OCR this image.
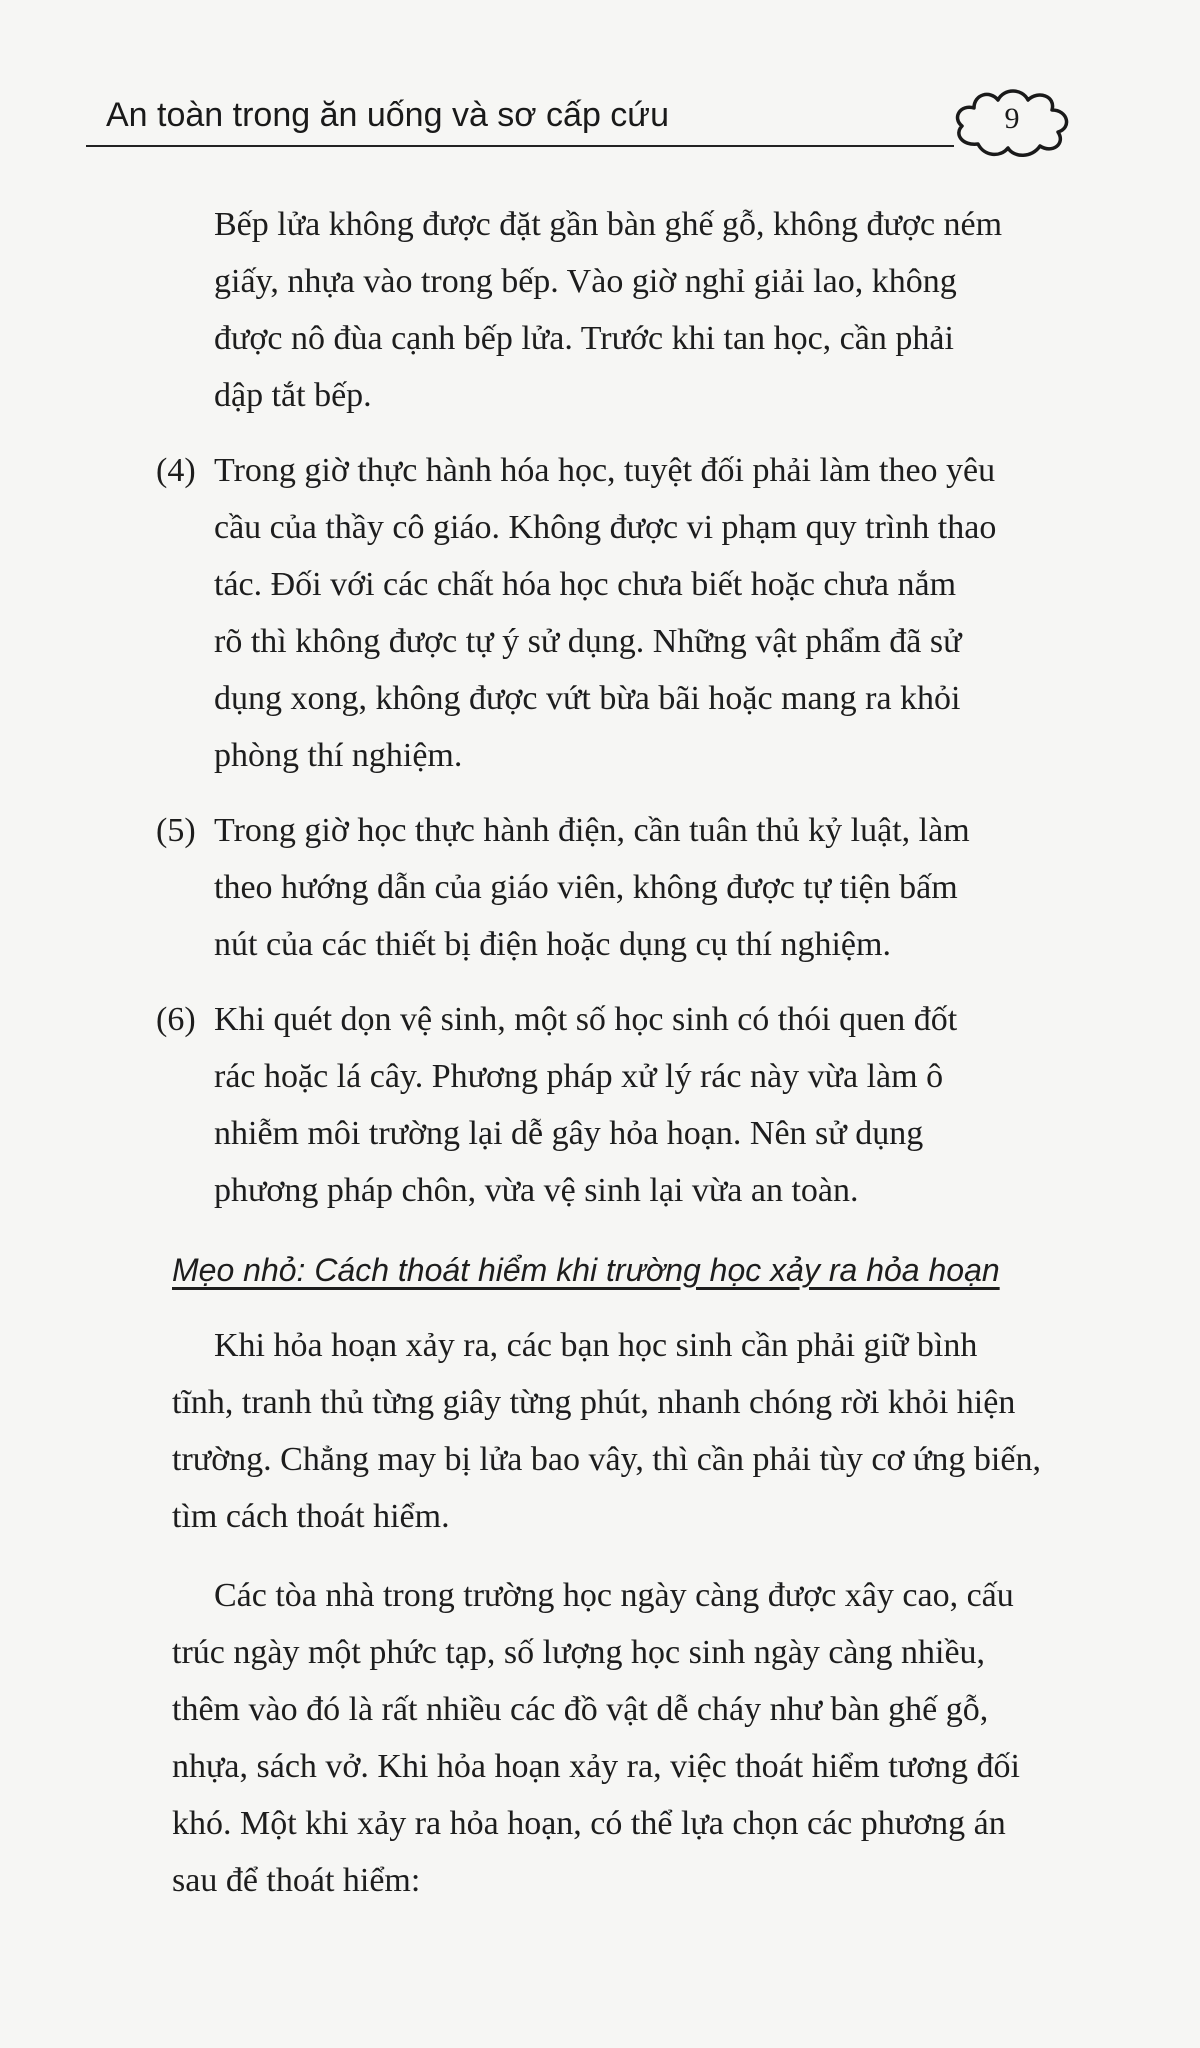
An toàn trong ăn uống và sơ cấp cứu	9
Bếp lửa không được đặt gần bàn ghế gỗ, không được ném
giấy, nhựa vào trong bếp. Vào giờ nghỉ giải lao, không
được nô đùa cạnh bếp lửa. Trước khi tan học, cần phải
dập tắt bếp.
(4) Trong giờ thực hành hóa học, tuyệt đối phải làm theo yêu
cầu của thầy cô giáo. Không được vi phạm quy trình thao
tác. Đối với các chất hóa học chưa biết hoặc chưa nắm
rõ thì không được tự ý sử dụng. Những vật phẩm đã sử
dụng xong, không được vứt bừa bãi hoặc mang ra khỏi
phòng thí nghiệm.
(5) Trong giờ học thực hành điện, cần tuân thủ kỷ luật, làm
theo hướng dẫn của giáo viên, không được tự tiện bấm
nút của các thiết bị điện hoặc dụng cụ thí nghiệm.
(6) Khi quét dọn vệ sinh, một số học sinh có thói quen đốt
rác hoặc lá cây. Phương pháp xử lý rác này vừa làm ô
nhiễm môi trường lại dễ gây hỏa hoạn. Nên sử dụng
phương pháp chôn, vừa vệ sinh lại vừa an toàn.
Mẹo nhỏ: Cách thoát hiểm khi trường học xảy ra hỏa hoạn
Khi hỏa hoạn xảy ra, các bạn học sinh cần phải giữ bình
tĩnh, tranh thủ từng giây từng phút, nhanh chóng rời khỏi hiện
trường. Chẳng may bị lửa bao vây, thì cần phải tùy cơ ứng biến,
tìm cách thoát hiểm.
Các tòa nhà trong trường học ngày càng được xây cao, cấu
trúc ngày một phức tạp, số lượng học sinh ngày càng nhiều,
thêm vào đó là rất nhiều các đồ vật dễ cháy như bàn ghế gỗ,
nhựa, sách vở. Khi hỏa hoạn xảy ra, việc thoát hiểm tương đối
khó. Một khi xảy ra hỏa hoạn, có thể lựa chọn các phương án
sau để thoát hiểm:
